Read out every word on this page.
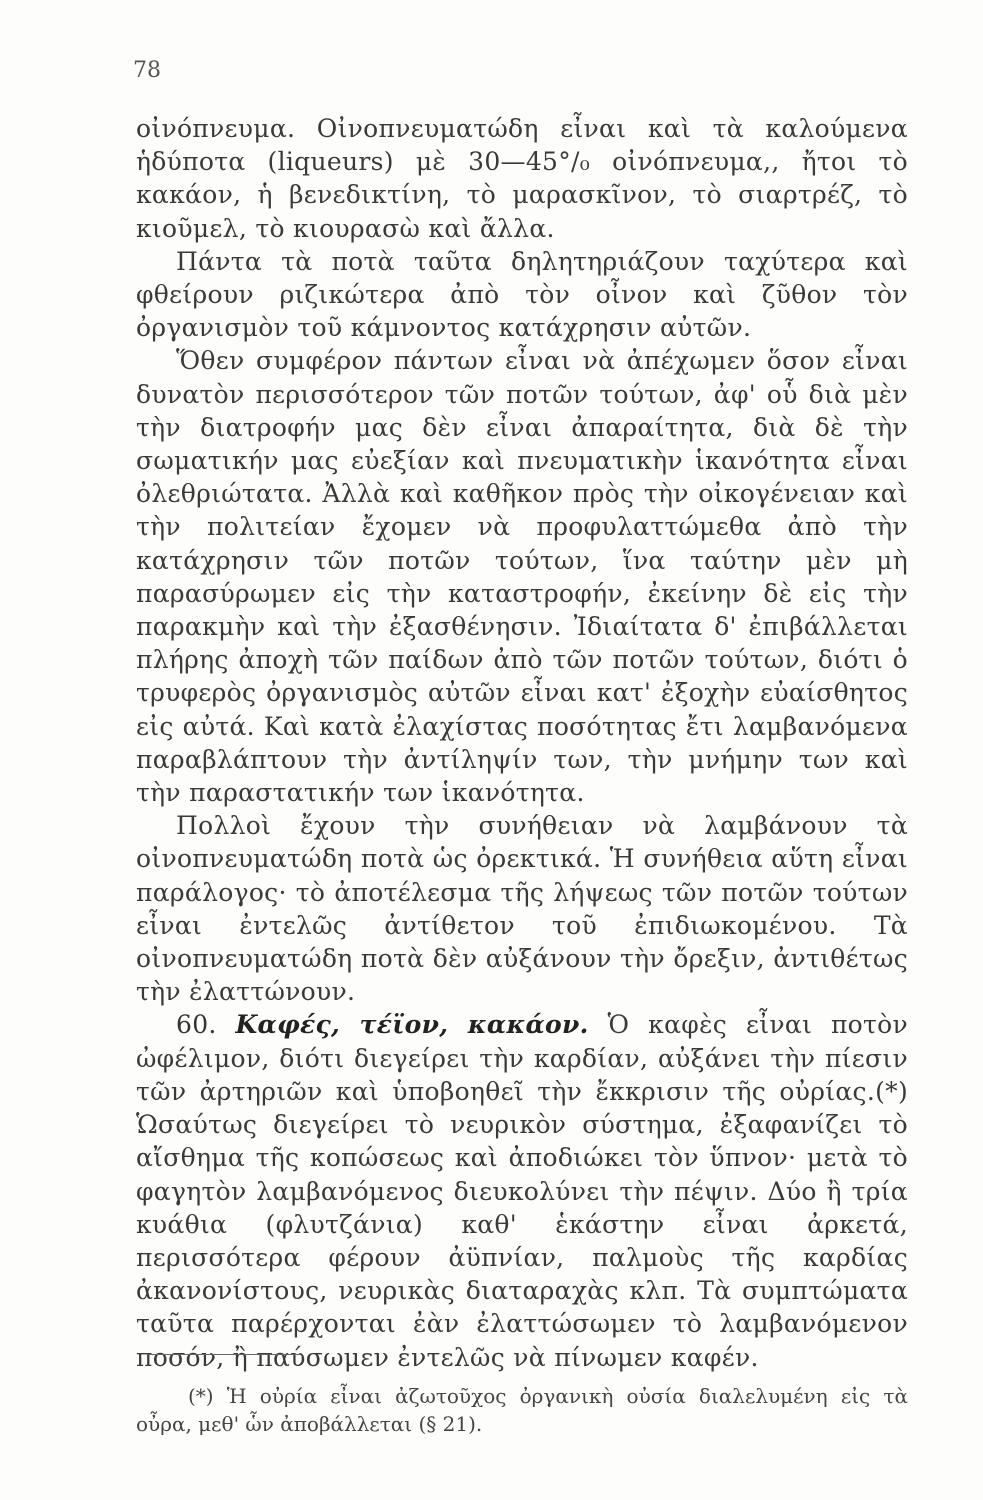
78

οἰνόπνευμα. Οἰνοπνευματώδη εἶναι καὶ τὰ καλούμενα ἡδύποτα (liqueurs) μὲ 30—45°/₀ οἰνόπνευμα,, ἤτοι τὸ κακάον, ἡ βενεδικτίνη, τὸ μαρασκῖνον, τὸ σιαρτρέζ, τὸ κιοῦμελ, τὸ κιουρασὼ καὶ ἄλλα.

Πάντα τὰ ποτὰ ταῦτα δηλητηριάζουν ταχύτερα καὶ φθείρουν ριζικώτερα ἀπὸ τὸν οἶνον καὶ ζῦθον τὸν ὀργανισμὸν τοῦ κάμνοντος κατάχρησιν αὐτῶν.

Ὅθεν συμφέρον πάντων εἶναι νὰ ἀπέχωμεν ὅσον εἶναι δυνατὸν περισσότερον τῶν ποτῶν τούτων, ἀφ' οὗ διὰ μὲν τὴν διατροφήν μας δὲν εἶναι ἀπαραίτητα, διὰ δὲ τὴν σωματικήν μας εὐεξίαν καὶ πνευματικὴν ἱκανότητα εἶναι ὀλεθριώτατα. Ἀλλὰ καὶ καθῆκον πρὸς τὴν οἰκογένειαν καὶ τὴν πολιτείαν ἔχομεν νὰ προφυλαττώμεθα ἀπὸ τὴν κατάχρησιν τῶν ποτῶν τούτων, ἵνα ταύτην μὲν μὴ παρασύρωμεν εἰς τὴν καταστροφήν, ἐκείνην δὲ εἰς τὴν παρακμὴν καὶ τὴν ἐξασθένησιν. Ἰδιαίτατα δ' ἐπιβάλλεται πλήρης ἀποχὴ τῶν παίδων ἀπὸ τῶν ποτῶν τούτων, διότι ὁ τρυφερὸς ὀργανισμὸς αὐτῶν εἶναι κατ' ἐξοχὴν εὐαίσθητος εἰς αὐτά. Καὶ κατὰ ἐλαχίστας ποσότητας ἔτι λαμβανόμενα παραβλάπτουν τὴν ἀντίληψίν των, τὴν μνήμην των καὶ τὴν παραστατικήν των ἱκανότητα.

Πολλοὶ ἔχουν τὴν συνήθειαν νὰ λαμβάνουν τὰ οἰνοπνευματώδη ποτὰ ὡς ὀρεκτικά. Ἡ συνήθεια αὕτη εἶναι παράλογος· τὸ ἀποτέλεσμα τῆς λήψεως τῶν ποτῶν τούτων εἶναι ἐντελῶς ἀντίθετον τοῦ ἐπιδιωκομένου. Τὰ οἰνοπνευματώδη ποτὰ δὲν αὐξάνουν τὴν ὄρεξιν, ἀντιθέτως τὴν ἐλαττώνουν.

60. Καφές, τέϊον, κακάον. Ὁ καφὲς εἶναι ποτὸν ὠφέλιμον, διότι διεγείρει τὴν καρδίαν, αὐξάνει τὴν πίεσιν τῶν ἀρτηριῶν καὶ ὑποβοηθεῖ τὴν ἔκκρισιν τῆς οὐρίας.(*) Ὡσαύτως διεγείρει τὸ νευρικὸν σύστημα, ἐξαφανίζει τὸ αἴσθημα τῆς κοπώσεως καὶ ἀποδιώκει τὸν ὕπνον· μετὰ τὸ φαγητὸν λαμβανόμενος διευκολύνει τὴν πέψιν. Δύο ἢ τρία κυάθια (φλυτζάνια) καθ' ἑκάστην εἶναι ἀρκετά, περισσότερα φέρουν ἀϋπνίαν, παλμοὺς τῆς καρδίας ἀκανονίστους, νευρικὰς διαταραχὰς κλπ. Τὰ συμπτώματα ταῦτα παρέρχονται ἐὰν ἐλαττώσωμεν τὸ λαμβανόμενον ποσόν, ἢ παύσωμεν ἐντελῶς νὰ πίνωμεν καφέν.

(*) Ἡ οὐρία εἶναι ἀζωτοῦχος ὀργανικὴ οὐσία διαλελυμένη εἰς τὰ οὖρα, μεθ' ὧν ἀποβάλλεται (§ 21).
